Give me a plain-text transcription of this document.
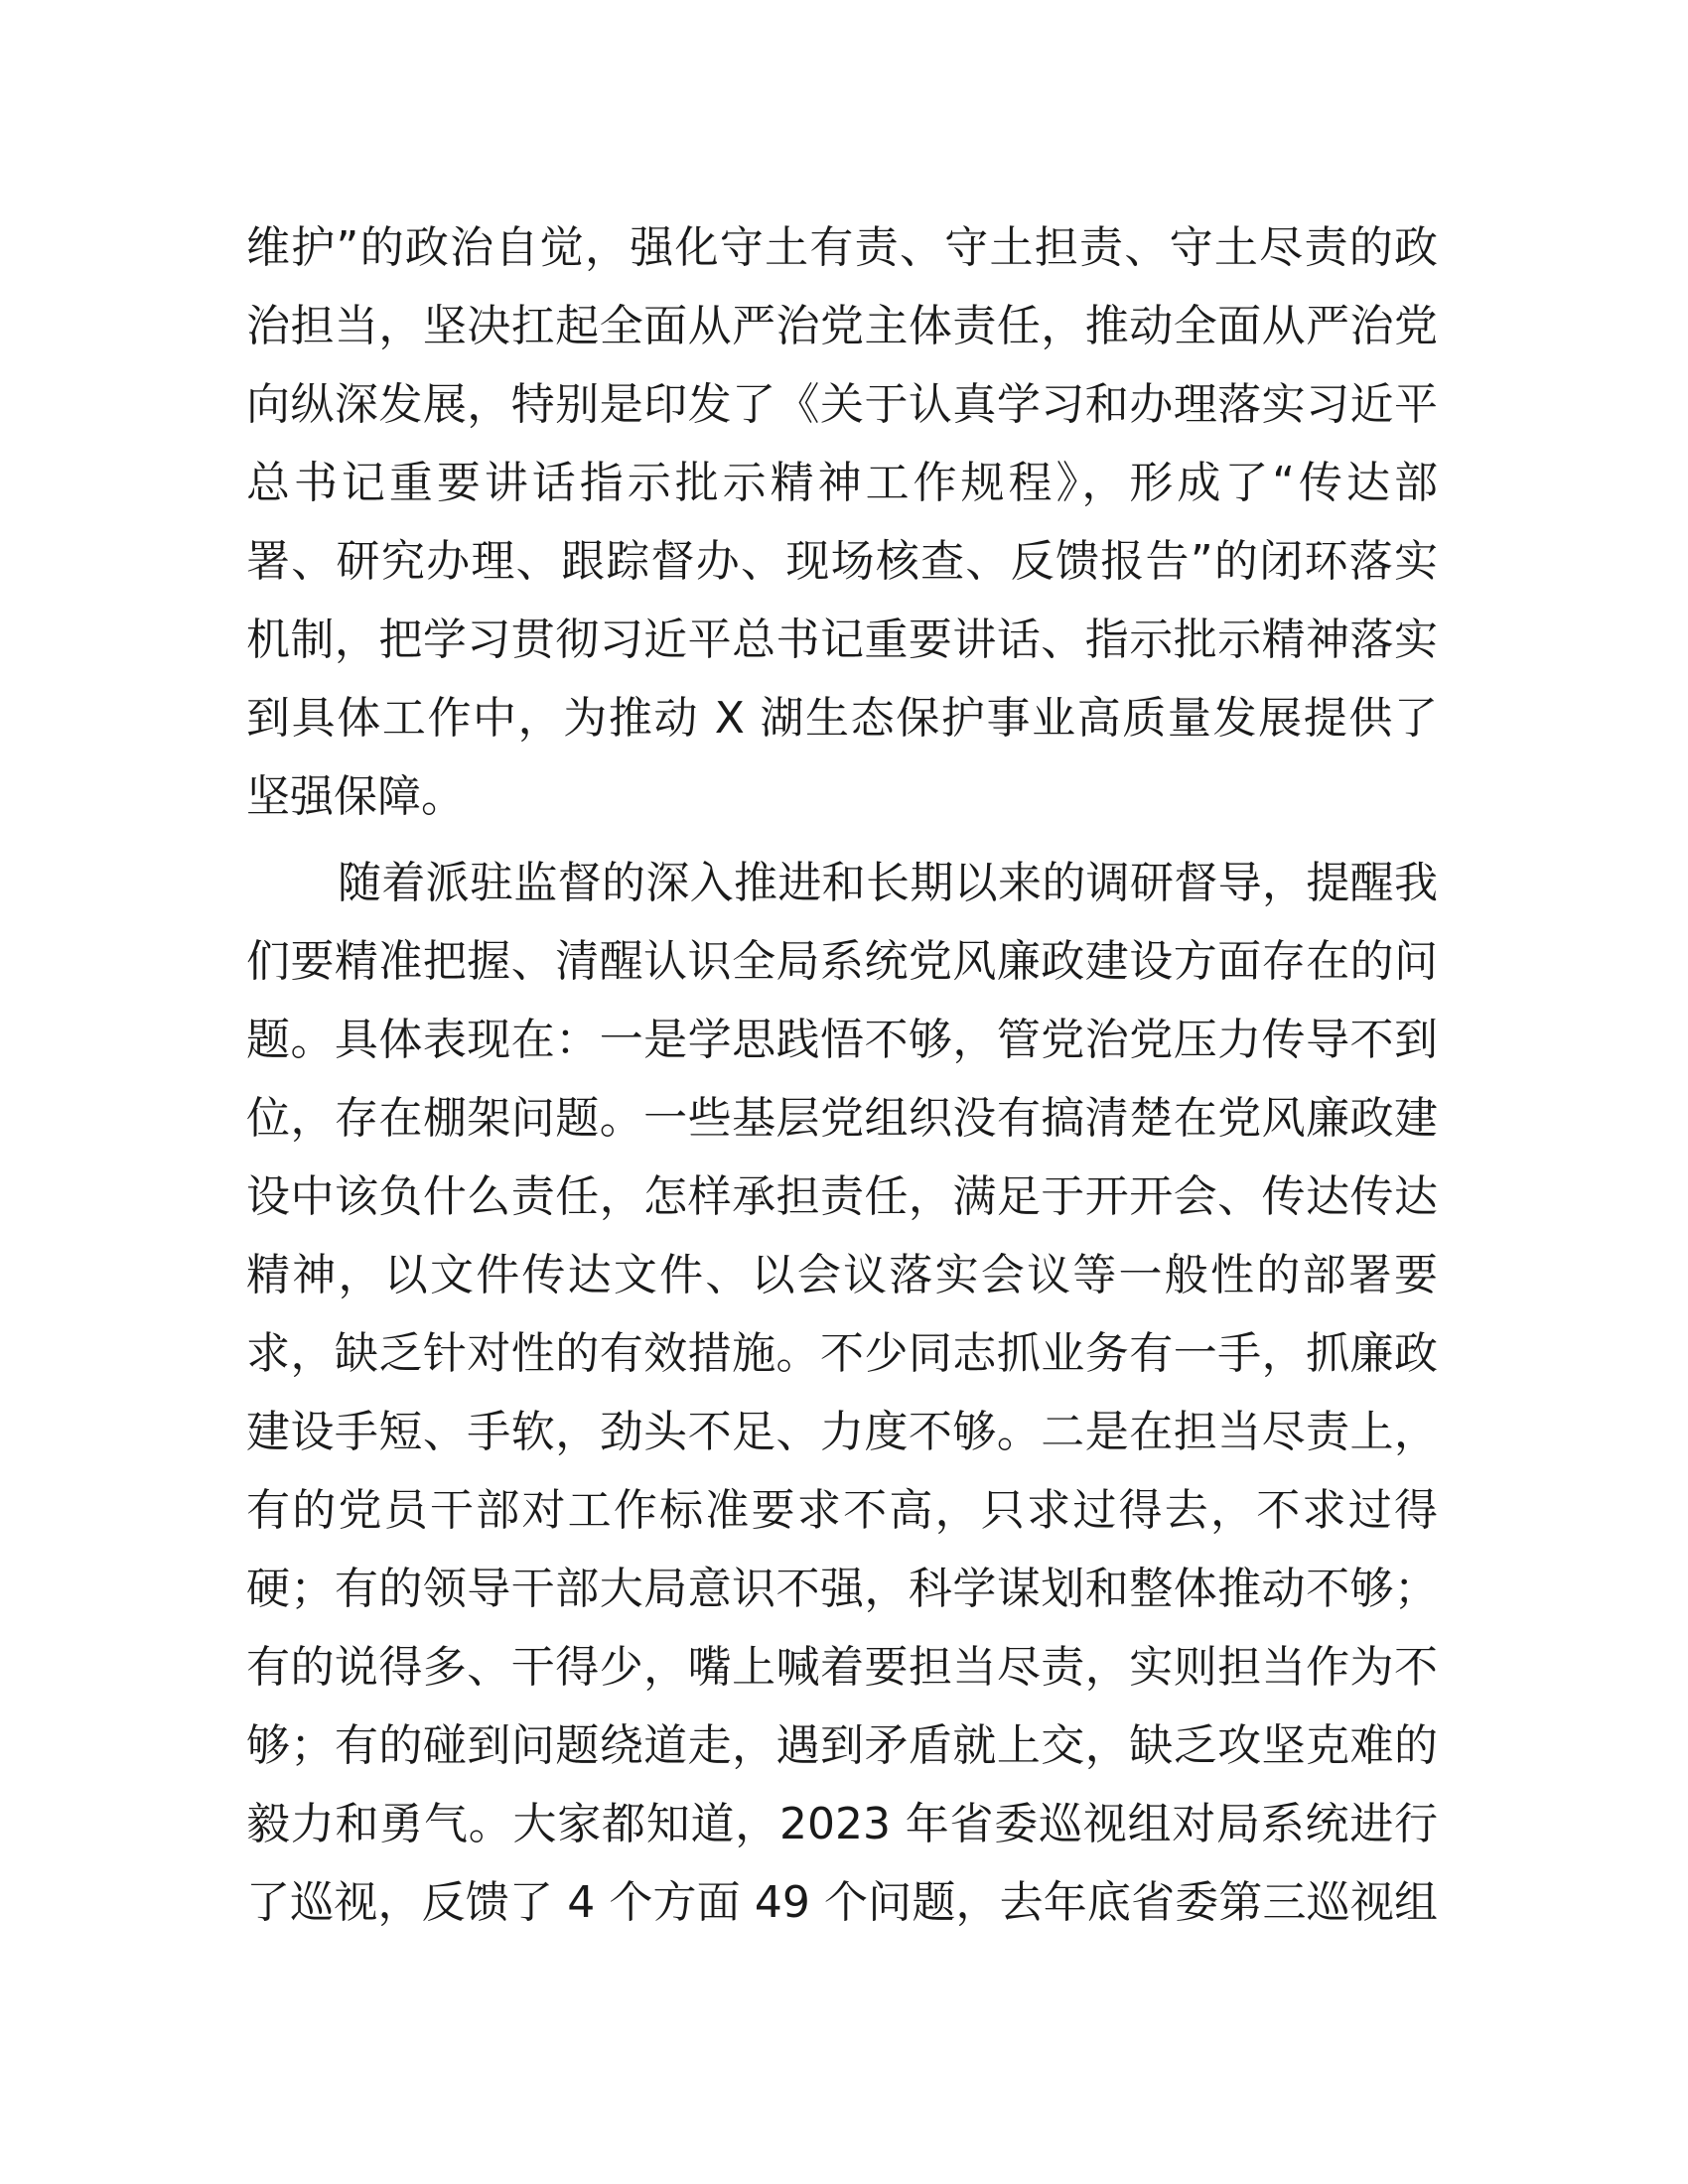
维护”的政治自觉，强化守土有责、守土担责、守土尽责的政
治担当，坚决扛起全面从严治党主体责任，推动全面从严治党
向纵深发展，特别是印发了《关于认真学习和办理落实习近平
总书记重要讲话指示批示精神工作规程》，形成了“传达部
署、研究办理、跟踪督办、现场核查、反馈报告”的闭环落实
机制，把学习贯彻习近平总书记重要讲话、指示批示精神落实
到具体工作中，为推动 X 湖生态保护事业高质量发展提供了
坚强保障。
随着派驻监督的深入推进和长期以来的调研督导，提醒我
们要精准把握、清醒认识全局系统党风廉政建设方面存在的问
题。具体表现在：一是学思践悟不够，管党治党压力传导不到
位，存在棚架问题。一些基层党组织没有搞清楚在党风廉政建
设中该负什么责任，怎样承担责任，满足于开开会、传达传达
精神，以文件传达文件、以会议落实会议等一般性的部署要
求，缺乏针对性的有效措施。不少同志抓业务有一手，抓廉政
建设手短、手软，劲头不足、力度不够。二是在担当尽责上，
有的党员干部对工作标准要求不高，只求过得去，不求过得
硬；有的领导干部大局意识不强，科学谋划和整体推动不够；
有的说得多、干得少，嘴上喊着要担当尽责，实则担当作为不
够；有的碰到问题绕道走，遇到矛盾就上交，缺乏攻坚克难的
毅力和勇气。大家都知道，2023 年省委巡视组对局系统进行
了巡视，反馈了 4 个方面 49 个问题，去年底省委第三巡视组
